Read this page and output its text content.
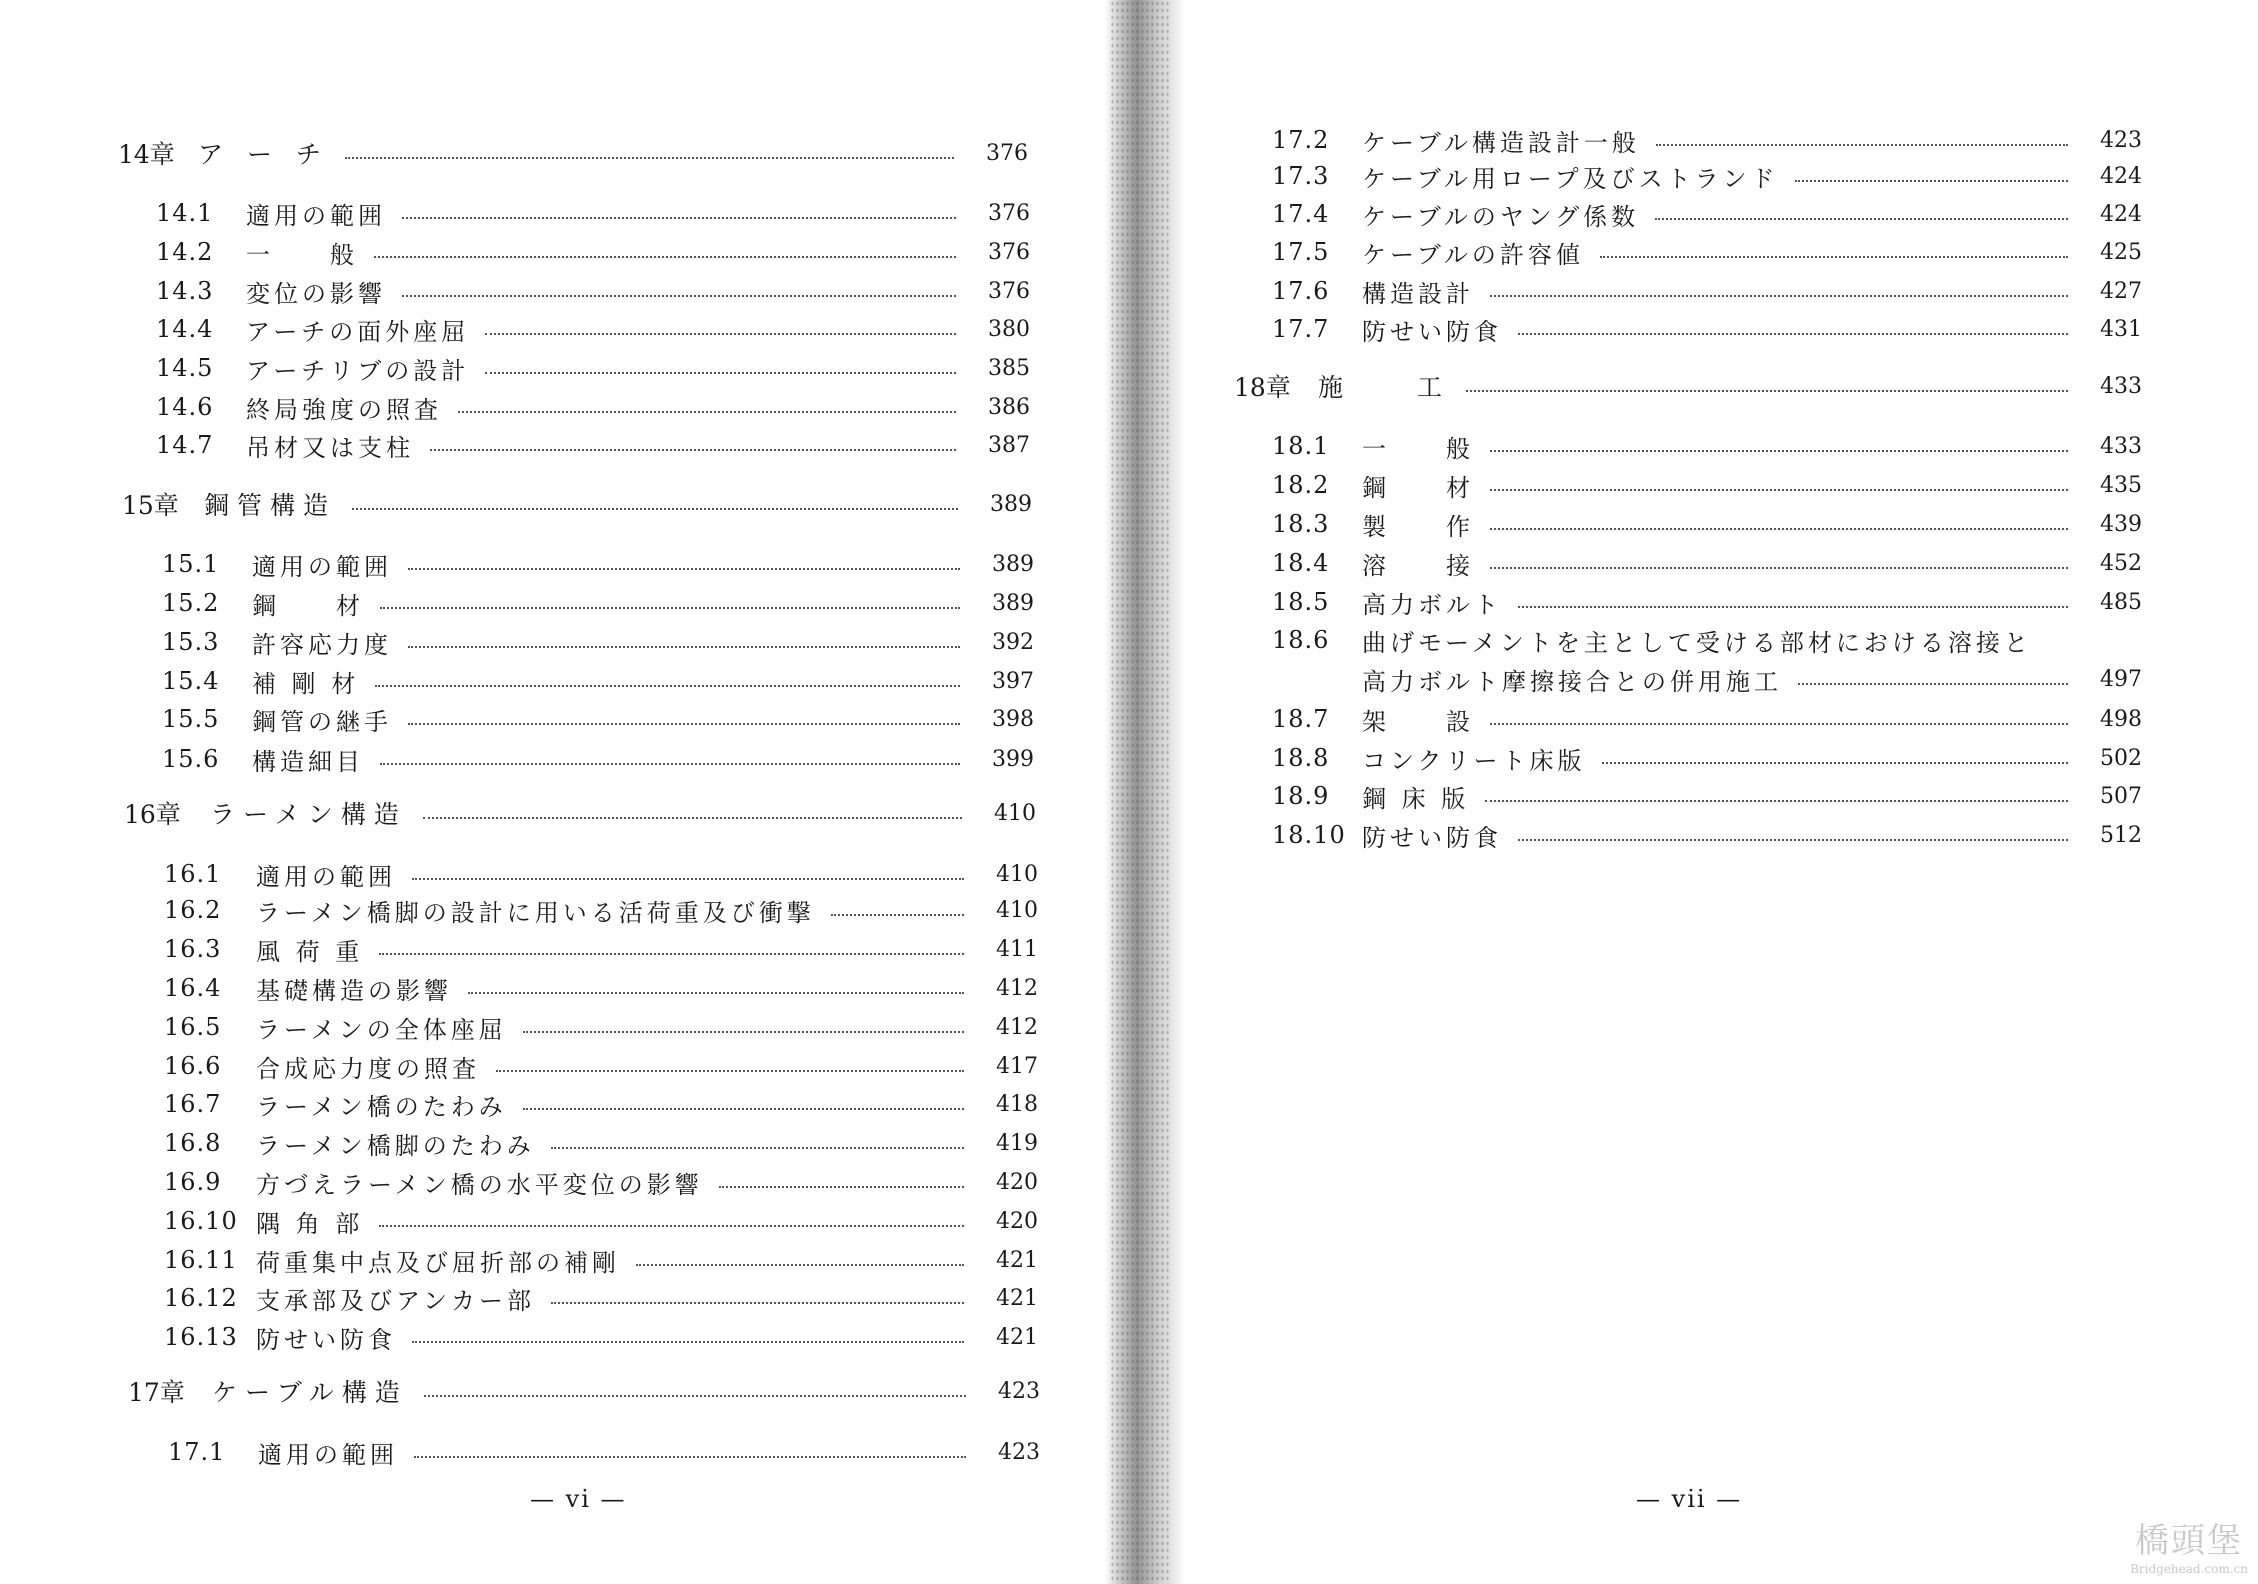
14章 ア ー チ	376
14.1	適用の範囲	376
14.2	一　　般	376
14.3	変位の影響	376
14.4	アーチの面外座屈	380
14.5	アーチリブの設計	385
14.6	終局強度の照査	386
14.7	吊材又は支柱	387
15章	鋼管構造	389
15.1	適用の範囲	389
15.2	鋼　　材	389
15.3	許容応力度	392
15.4	補 剛 材	397
15.5	鋼管の継手	398
15.6	構造細目	399
16章	ラーメン構造	410
16.1	適用の範囲	410
16.2	ラーメン橋脚の設計に用いる活荷重及び衝撃	410
16.3	風 荷 重	411
16.4	基礎構造の影響	412
16.5	ラーメンの全体座屈	412
16.6	合成応力度の照査	417
16.7	ラーメン橋のたわみ	418
16.8	ラーメン橋脚のたわみ	419
16.9	方づえラーメン橋の水平変位の影響	420
16.10 隅 角 部	420
16.11 荷重集中点及び屈折部の補剛	421
16.12 支承部及びアンカー部	421
16.13 防せい防食	421
17章	ケーブル構造	423
17.1	適用の範囲	423
— vi —
17.2	ケーブル構造設計一般	423
17.3	ケーブル用ロープ及びストランド	424
17.4	ケーブルのヤング係数	424
17.5	ケーブルの許容値	425
17.6	構造設計	427
17.7	防せい防食	431
18章	施　　工	433
18.1	一　　般	433
18.2	鋼　　材	435
18.3	製　　作	439
18.4	溶　　接	452
18.5	高力ボルト	485
18.6	曲げモーメントを主として受ける部材における溶接と
高力ボルト摩擦接合との併用施工	497
18.7	架　　設	498
18.8	コンクリート床版	502
18.9	鋼 床 版	507
18.10 防せい防食	512
— vii —
橋頭堡
Bridgehead.com.cn
